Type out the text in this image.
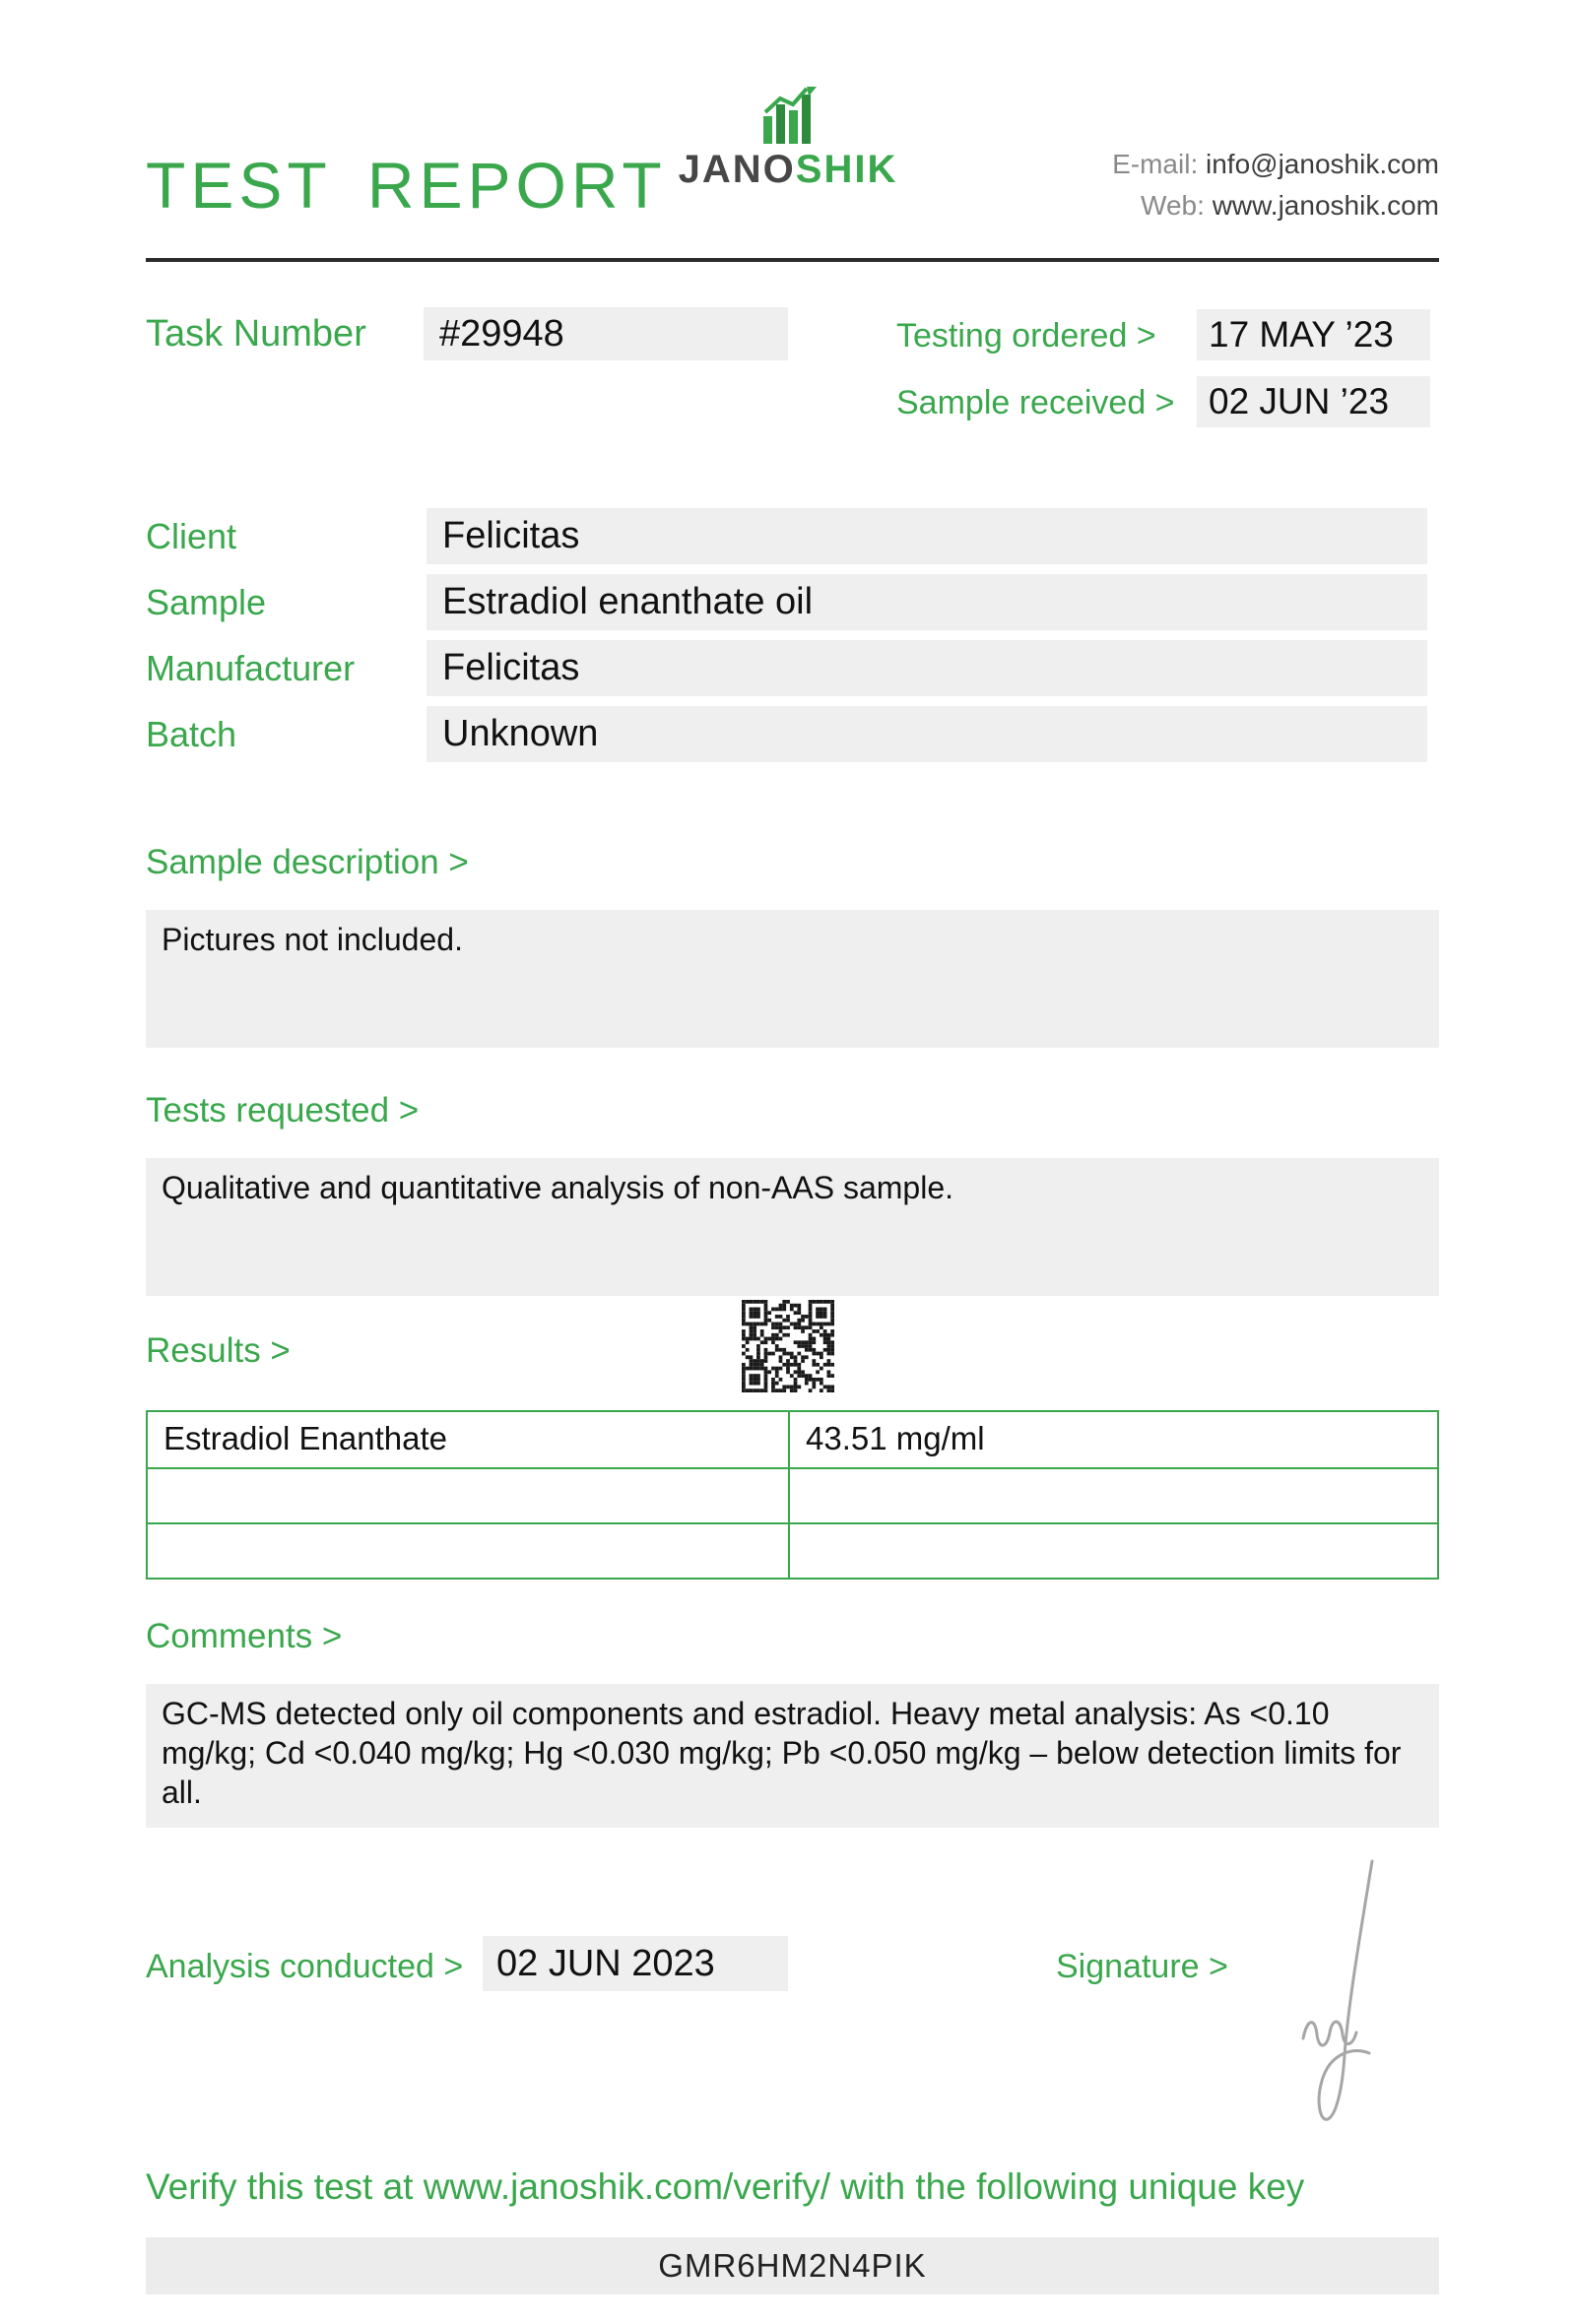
TEST REPORT JANOSHIK	E-mail: info@janoshik.com
Web: www.janoshik.com
Task Number	#29948	Testing ordered >	17 MAY ’23
Sample received > 02 JUN ’23
Client	Felicitas
Sample	Estradiol enanthate oil
Manufacturer	Felicitas
Batch	Unknown
Sample description >
Pictures not included.
Tests requested >
Qualitative and quantitative analysis of non-AAS sample.
Results >
Estradiol Enanthate	43.51 mg/ml
Comments >
GC-MS detected only oil components and estradiol. Heavy metal analysis: As <0.10 mg/kg; Cd <0.040 mg/kg; Hg <0.030 mg/kg; Pb <0.050 mg/kg – below detection limits for all.
Analysis conducted > 02 JUN 2023	Signature >
Verify this test at www.janoshik.com/verify/ with the following unique key
GMR6HM2N4PIK
